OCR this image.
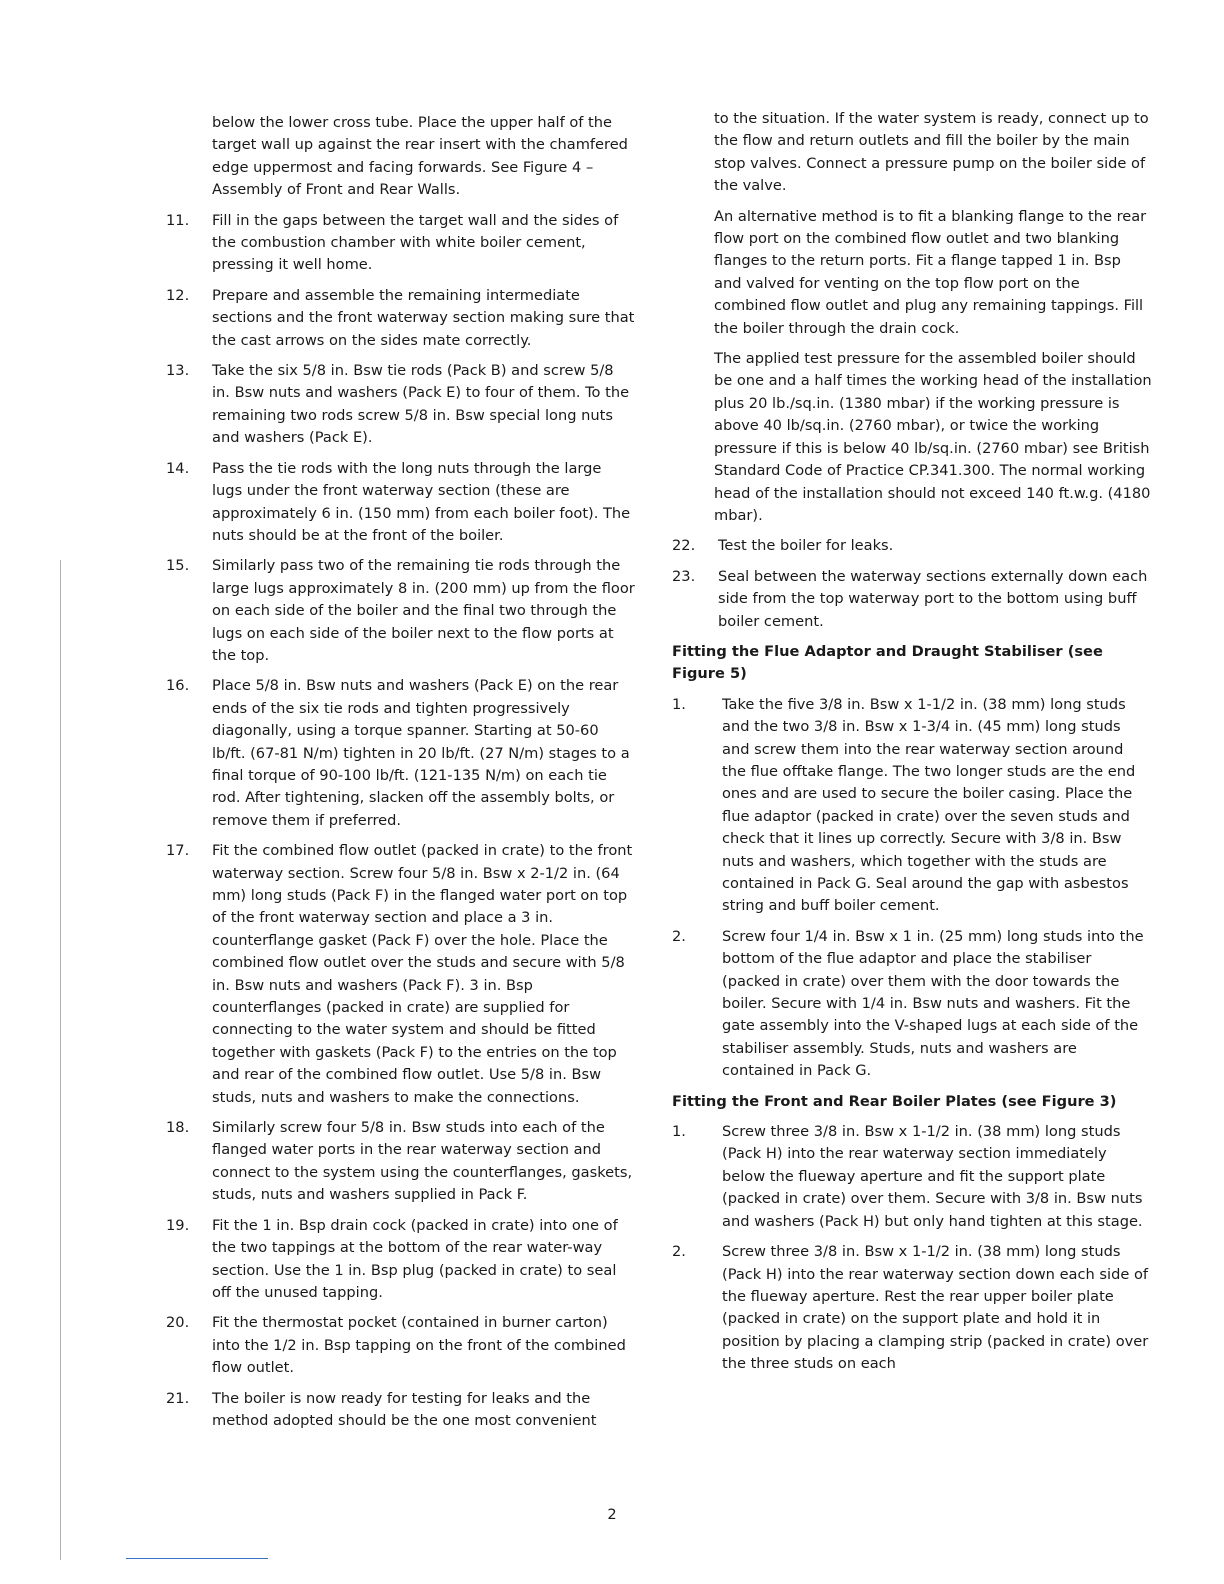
below the lower cross tube. Place the upper half of the target wall up against the rear insert with the chamfered edge uppermost and facing forwards. See Figure 4 – Assembly of Front and Rear Walls.

11. Fill in the gaps between the target wall and the sides of the combustion chamber with white boiler cement, pressing it well home.
12. Prepare and assemble the remaining intermediate sections and the front waterway section making sure that the cast arrows on the sides mate correctly.
13. Take the six 5/8 in. Bsw tie rods (Pack B) and screw 5/8 in. Bsw nuts and washers (Pack E) to four of them. To the remaining two rods screw 5/8 in. Bsw special long nuts and washers (Pack E).
14. Pass the tie rods with the long nuts through the large lugs under the front waterway section (these are approximately 6 in. (150 mm) from each boiler foot). The nuts should be at the front of the boiler.
15. Similarly pass two of the remaining tie rods through the large lugs approximately 8 in. (200 mm) up from the floor on each side of the boiler and the final two through the lugs on each side of the boiler next to the flow ports at the top.
16. Place 5/8 in. Bsw nuts and washers (Pack E) on the rear ends of the six tie rods and tighten progressively diagonally, using a torque spanner. Starting at 50-60 lb/ft. (67-81 N/m) tighten in 20 lb/ft. (27 N/m) stages to a final torque of 90-100 lb/ft. (121-135 N/m) on each tie rod. After tightening, slacken off the assembly bolts, or remove them if preferred.
17. Fit the combined flow outlet (packed in crate) to the front waterway section. Screw four 5/8 in. Bsw x 2-1/2 in. (64 mm) long studs (Pack F) in the flanged water port on top of the front waterway section and place a 3 in. counterflange gasket (Pack F) over the hole. Place the combined flow outlet over the studs and secure with 5/8 in. Bsw nuts and washers (Pack F). 3 in. Bsp counterflanges (packed in crate) are supplied for connecting to the water system and should be fitted together with gaskets (Pack F) to the entries on the top and rear of the combined flow outlet. Use 5/8 in. Bsw studs, nuts and washers to make the connections.
18. Similarly screw four 5/8 in. Bsw studs into each of the flanged water ports in the rear waterway section and connect to the system using the counterflanges, gaskets, studs, nuts and washers supplied in Pack F.
19. Fit the 1 in. Bsp drain cock (packed in crate) into one of the two tappings at the bottom of the rear water-way section. Use the 1 in. Bsp plug (packed in crate) to seal off the unused tapping.
20. Fit the thermostat pocket (contained in burner carton) into the 1/2 in. Bsp tapping on the front of the combined flow outlet.
21. The boiler is now ready for testing for leaks and the method adopted should be the one most convenient

to the situation. If the water system is ready, connect up to the flow and return outlets and fill the boiler by the main stop valves. Connect a pressure pump on the boiler side of the valve.

An alternative method is to fit a blanking flange to the rear flow port on the combined flow outlet and two blanking flanges to the return ports. Fit a flange tapped 1 in. Bsp and valved for venting on the top flow port on the combined flow outlet and plug any remaining tappings. Fill the boiler through the drain cock.

The applied test pressure for the assembled boiler should be one and a half times the working head of the installation plus 20 lb./sq.in. (1380 mbar) if the working pressure is above 40 lb/sq.in. (2760 mbar), or twice the working pressure if this is below 40 lb/sq.in. (2760 mbar) see British Standard Code of Practice CP.341.300. The normal working head of the installation should not exceed 140 ft.w.g. (4180 mbar).

22. Test the boiler for leaks.
23. Seal between the waterway sections externally down each side from the top waterway port to the bottom using buff boiler cement.
Fitting the Flue Adaptor and Draught Stabiliser (see Figure 5)
1. Take the five 3/8 in. Bsw x 1-1/2 in. (38 mm) long studs and the two 3/8 in. Bsw x 1-3/4 in. (45 mm) long studs and screw them into the rear waterway section around the flue offtake flange. The two longer studs are the end ones and are used to secure the boiler casing. Place the flue adaptor (packed in crate) over the seven studs and check that it lines up correctly. Secure with 3/8 in. Bsw nuts and washers, which together with the studs are contained in Pack G. Seal around the gap with asbestos string and buff boiler cement.
2. Screw four 1/4 in. Bsw x 1 in. (25 mm) long studs into the bottom of the flue adaptor and place the stabiliser (packed in crate) over them with the door towards the boiler. Secure with 1/4 in. Bsw nuts and washers. Fit the gate assembly into the V-shaped lugs at each side of the stabiliser assembly. Studs, nuts and washers are contained in Pack G.
Fitting the Front and Rear Boiler Plates (see Figure 3)
1. Screw three 3/8 in. Bsw x 1-1/2 in. (38 mm) long studs (Pack H) into the rear waterway section immediately below the flueway aperture and fit the support plate (packed in crate) over them. Secure with 3/8 in. Bsw nuts and washers (Pack H) but only hand tighten at this stage.
2. Screw three 3/8 in. Bsw x 1-1/2 in. (38 mm) long studs (Pack H) into the rear waterway section down each side of the flueway aperture. Rest the rear upper boiler plate (packed in crate) on the support plate and hold it in position by placing a clamping strip (packed in crate) over the three studs on each
2
